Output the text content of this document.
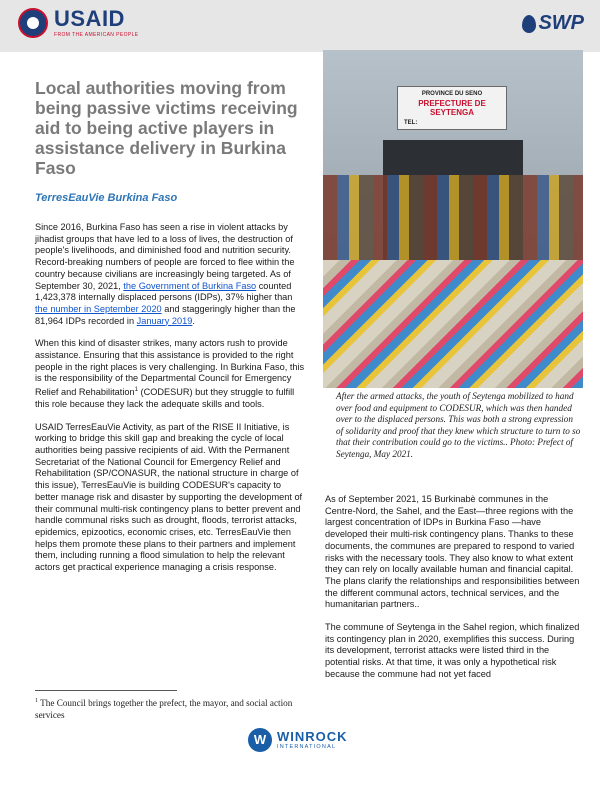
USAID
FROM THE AMERICAN PEOPLE
SWP
Local authorities moving from being passive victims receiving aid to being active players in assistance delivery in Burkina Faso
TerresEauVie Burkina Faso
PROVINCE DU SENO
PREFECTURE DE SEYTENGA
TEL:

After the armed attacks, the youth of Seytenga mobilized to hand over food and equipment to CODESUR, which was then handed over to the displaced persons. This was both a strong expression of solidarity and proof that they knew which structure to turn to so that their contribution could go to the victims.. Photo: Prefect of Seytenga, May 2021.

Since 2016, Burkina Faso has seen a rise in violent attacks by jihadist groups that have led to a loss of lives, the destruction of people's livelihoods, and diminished food and nutrition security. Record-breaking numbers of people are forced to flee within the country because civilians are increasingly being targeted. As of September 30, 2021, the Government of Burkina Faso counted 1,423,378 internally displaced persons (IDPs), 37% higher than the number in September 2020 and staggeringly higher than the 81,964 IDPs recorded in January 2019.

When this kind of disaster strikes, many actors rush to provide assistance. Ensuring that this assistance is provided to the right people in the right places is very challenging. In Burkina Faso, this is the responsibility of the Departmental Council for Emergency Relief and Rehabilitation$^1$ (CODESUR) but they struggle to fulfill this role because they lack the adequate skills and tools.

USAID TerresEauVie Activity, as part of the RISE II Initiative, is working to bridge this skill gap and breaking the cycle of local authorities being passive recipients of aid. With the Permanent Secretariat of the National Council for Emergency Relief and Rehabilitation (SP/CONASUR, the national structure in charge of this issue), TerresEauVie is building CODESUR's capacity to better manage risk and disaster by supporting the development of their communal multi-risk contingency plans to better prevent and handle communal risks such as drought, floods, terrorist attacks, epidemics, epizootics, economic crises, etc. TerresEauVie then helps them promote these plans to their partners and implement them, including running a flood simulation to help the relevant actors get practical experience managing a crisis response.

As of September 2021, 15 Burkinabè communes in the Centre-Nord, the Sahel, and the East—three regions with the largest concentration of IDPs in Burkina Faso —have developed their multi-risk contingency plans. Thanks to these documents, the communes are prepared to respond to varied risks with the necessary tools. They also know to what extent they can rely on locally available human and financial capital. The plans clarify the relationships and responsibilities between the different communal actors, technical services, and the humanitarian partners..

The commune of Seytenga in the Sahel region, which finalized its contingency plan in 2020, exemplifies this success. During its development, terrorist attacks were listed third in the potential risks. At that time, it was only a hypothetical risk because the commune had not yet faced

$^1$ The Council brings together the prefect, the mayor, and social action services

W WINROCK
INTERNATIONAL
